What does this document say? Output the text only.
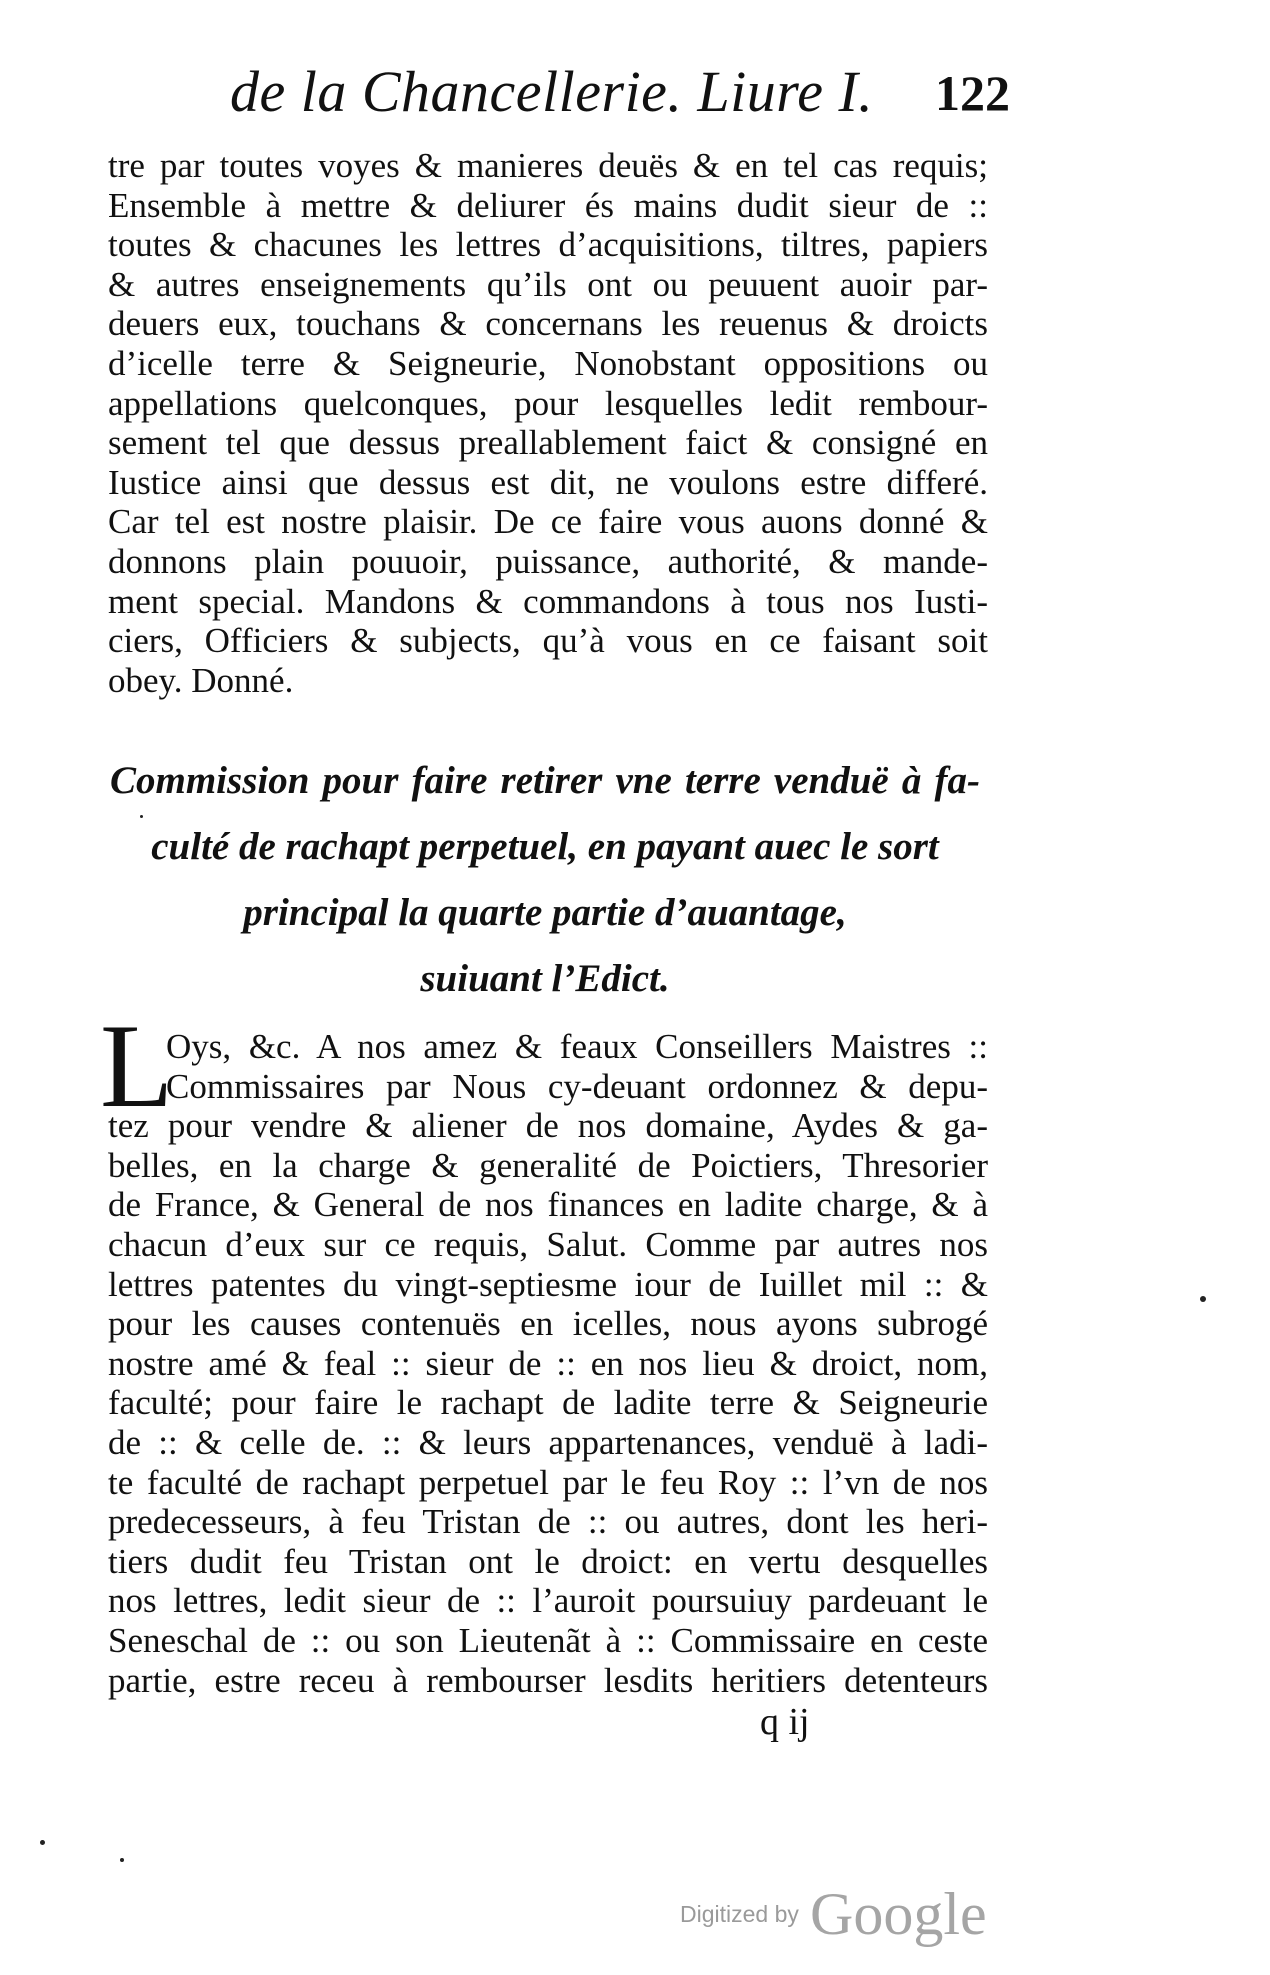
de la Chancellerie. Liure I. 122
tre par toutes voyes & manieres deuës & en tel cas requis;
Ensemble à mettre & deliurer és mains dudit sieur de ::
toutes & chacunes les lettres d’acquisitions, tiltres, papiers
& autres enseignements qu’ils ont ou peuuent auoir par-
deuers eux, touchans & concernans les reuenus & droicts
d’icelle terre & Seigneurie, Nonobstant oppositions ou
appellations quelconques, pour lesquelles ledit rembour-
sement tel que dessus preallablement faict & consigné en
Iustice ainsi que dessus est dit, ne voulons estre differé.
Car tel est nostre plaisir. De ce faire vous auons donné &
donnons plain pouuoir, puissance, authorité, & mande-
ment special. Mandons & commandons à tous nos Iusti-
ciers, Officiers & subjects, qu’à vous en ce faisant soit
obey. Donné.
Commission pour faire retirer vne terre venduë à fa-
culté de rachapt perpetuel, en payant auec le sort
principal la quarte partie d’auantage,
suiuant l’Edict.
L
Oys, &c. A nos amez & feaux Conseillers Maistres ::
Commissaires par Nous cy-deuant ordonnez & depu-
tez pour vendre & aliener de nos domaine, Aydes & ga-
belles, en la charge & generalité de Poictiers, Thresorier
de France, & General de nos finances en ladite charge, & à
chacun d’eux sur ce requis, Salut. Comme par autres nos
lettres patentes du vingt-septiesme iour de Iuillet mil :: &
pour les causes contenuës en icelles, nous ayons subrogé
nostre amé & feal :: sieur de :: en nos lieu & droict, nom,
faculté; pour faire le rachapt de ladite terre & Seigneurie
de :: & celle de. :: & leurs appartenances, venduë à ladi-
te faculté de rachapt perpetuel par le feu Roy :: l’vn de nos
predecesseurs, à feu Tristan de :: ou autres, dont les heri-
tiers dudit feu Tristan ont le droict: en vertu desquelles
nos lettres, ledit sieur de :: l’auroit poursuiuy pardeuant le
Seneschal de :: ou son Lieutenãt à :: Commissaire en ceste
partie, estre receu à rembourser lesdits heritiers detenteurs
q ij
Digitized by Google
